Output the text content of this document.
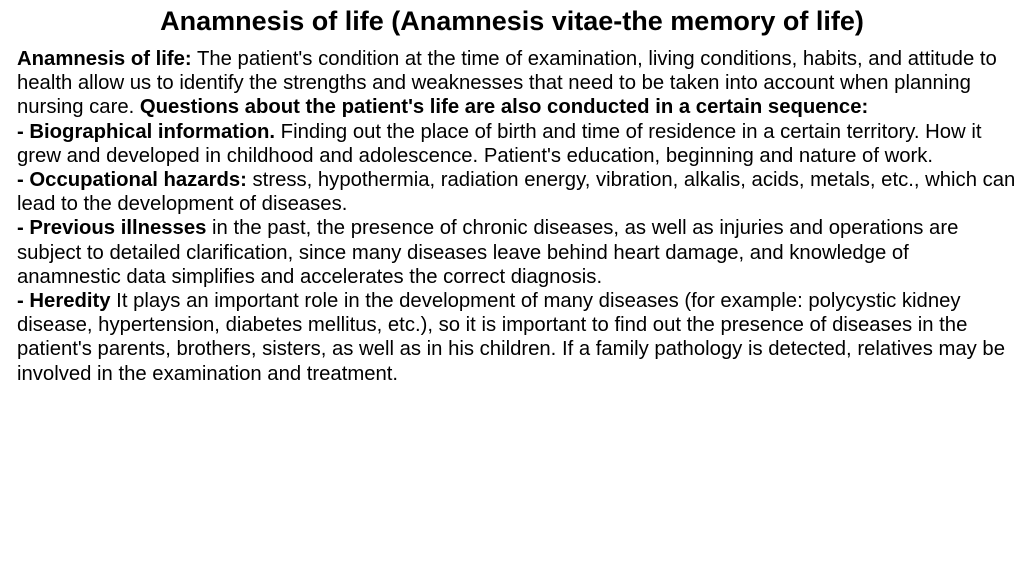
Anamnesis of life (Anamnesis vitae-the memory of life)

Anamnesis of life: The patient's condition at the time of examination, living conditions, habits, and attitude to health allow us to identify the strengths and weaknesses that need to be taken into account when planning nursing care. Questions about the patient's life are also conducted in a certain sequence:

- Biographical information. Finding out the place of birth and time of residence in a certain territory. How it grew and developed in childhood and adolescence. Patient's education, beginning and nature of work.

- Occupational hazards: stress, hypothermia, radiation energy, vibration, alkalis, acids, metals, etc., which can lead to the development of diseases.

- Previous illnesses in the past, the presence of chronic diseases, as well as injuries and operations are subject to detailed clarification, since many diseases leave behind heart damage, and knowledge of anamnestic data simplifies and accelerates the correct diagnosis.

- Heredity It plays an important role in the development of many diseases (for example: polycystic kidney disease, hypertension, diabetes mellitus, etc.), so it is important to find out the presence of diseases in the patient's parents, brothers, sisters, as well as in his children. If a family pathology is detected, relatives may be involved in the examination and treatment.
